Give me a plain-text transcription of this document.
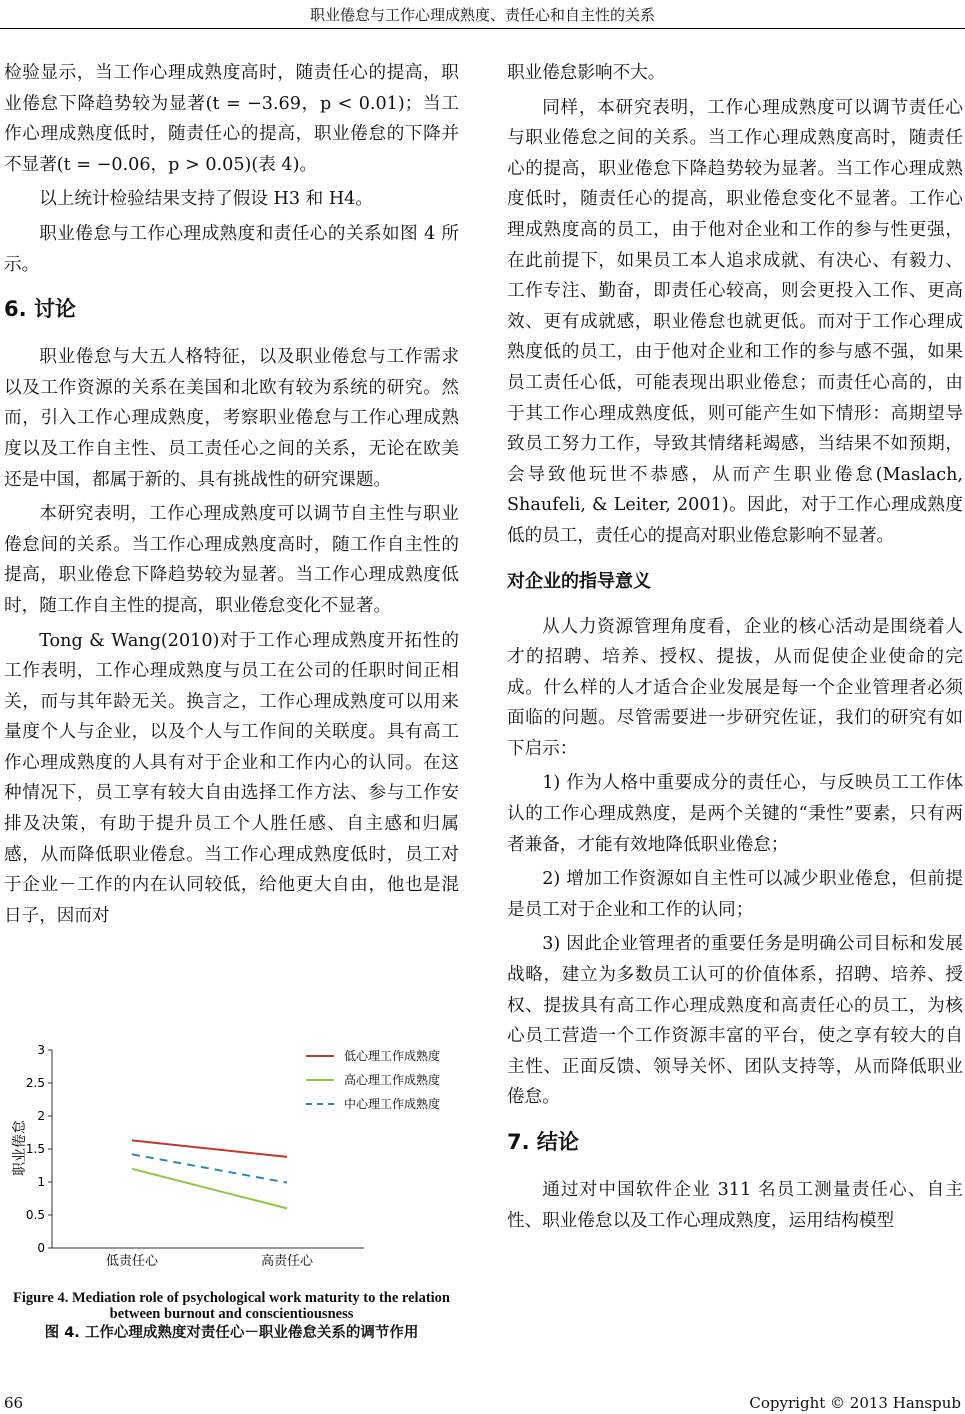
职业倦怠与工作心理成熟度、责任心和自主性的关系

检验显示，当工作心理成熟度高时，随责任心的提高，职业倦怠下降趋势较为显著(t = −3.69，p < 0.01)；当工作心理成熟度低时，随责任心的提高，职业倦怠的下降并不显著(t = −0.06，p > 0.05)(表 4)。

以上统计检验结果支持了假设 H3 和 H4。

职业倦怠与工作心理成熟度和责任心的关系如图 4 所示。

6. 讨论

职业倦怠与大五人格特征，以及职业倦怠与工作需求以及工作资源的关系在美国和北欧有较为系统的研究。然而，引入工作心理成熟度，考察职业倦怠与工作心理成熟度以及工作自主性、员工责任心之间的关系，无论在欧美还是中国，都属于新的、具有挑战性的研究课题。

本研究表明，工作心理成熟度可以调节自主性与职业倦怠间的关系。当工作心理成熟度高时，随工作自主性的提高，职业倦怠下降趋势较为显著。当工作心理成熟度低时，随工作自主性的提高，职业倦怠变化不显著。

Tong & Wang(2010)对于工作心理成熟度开拓性的工作表明，工作心理成熟度与员工在公司的任职时间正相关，而与其年龄无关。换言之，工作心理成熟度可以用来量度个人与企业，以及个人与工作间的关联度。具有高工作心理成熟度的人具有对于企业和工作内心的认同。在这种情况下，员工享有较大自由选择工作方法、参与工作安排及决策，有助于提升员工个人胜任感、自主感和归属感，从而降低职业倦怠。当工作心理成熟度低时，员工对于企业－工作的内在认同较低，给他更大自由，他也是混日子，因而对

职业倦怠
0
0.5
1
1.5
2
2.5
3
低责任心	高责任心
低心理工作成熟度
高心理工作成熟度
中心理工作成熟度
Figure 4. Mediation role of psychological work maturity to the relation between burnout and conscientiousness
图 4. 工作心理成熟度对责任心－职业倦怠关系的调节作用

职业倦怠影响不大。

同样，本研究表明，工作心理成熟度可以调节责任心与职业倦怠之间的关系。当工作心理成熟度高时，随责任心的提高，职业倦怠下降趋势较为显著。当工作心理成熟度低时，随责任心的提高，职业倦怠变化不显著。工作心理成熟度高的员工，由于他对企业和工作的参与性更强，在此前提下，如果员工本人追求成就、有决心、有毅力、工作专注、勤奋，即责任心较高，则会更投入工作、更高效、更有成就感，职业倦怠也就更低。而对于工作心理成熟度低的员工，由于他对企业和工作的参与感不强，如果员工责任心低，可能表现出职业倦怠；而责任心高的，由于其工作心理成熟度低，则可能产生如下情形：高期望导致员工努力工作，导致其情绪耗竭感，当结果不如预期，会导致他玩世不恭感，从而产生职业倦怠(Maslach, Shaufeli, & Leiter, 2001)。因此，对于工作心理成熟度低的员工，责任心的提高对职业倦怠影响不显著。

对企业的指导意义

从人力资源管理角度看，企业的核心活动是围绕着人才的招聘、培养、授权、提拔，从而促使企业使命的完成。什么样的人才适合企业发展是每一个企业管理者必须面临的问题。尽管需要进一步研究佐证，我们的研究有如下启示：

1) 作为人格中重要成分的责任心，与反映员工工作体认的工作心理成熟度，是两个关键的“秉性”要素，只有两者兼备，才能有效地降低职业倦怠；

2) 增加工作资源如自主性可以减少职业倦怠，但前提是员工对于企业和工作的认同；

3) 因此企业管理者的重要任务是明确公司目标和发展战略，建立为多数员工认可的价值体系，招聘、培养、授权、提拔具有高工作心理成熟度和高责任心的员工，为核心员工营造一个工作资源丰富的平台，使之享有较大的自主性、正面反馈、领导关怀、团队支持等，从而降低职业倦怠。

7. 结论

通过对中国软件企业 311 名员工测量责任心、自主性、职业倦怠以及工作心理成熟度，运用结构模型

66	Copyright © 2013 Hanspub
